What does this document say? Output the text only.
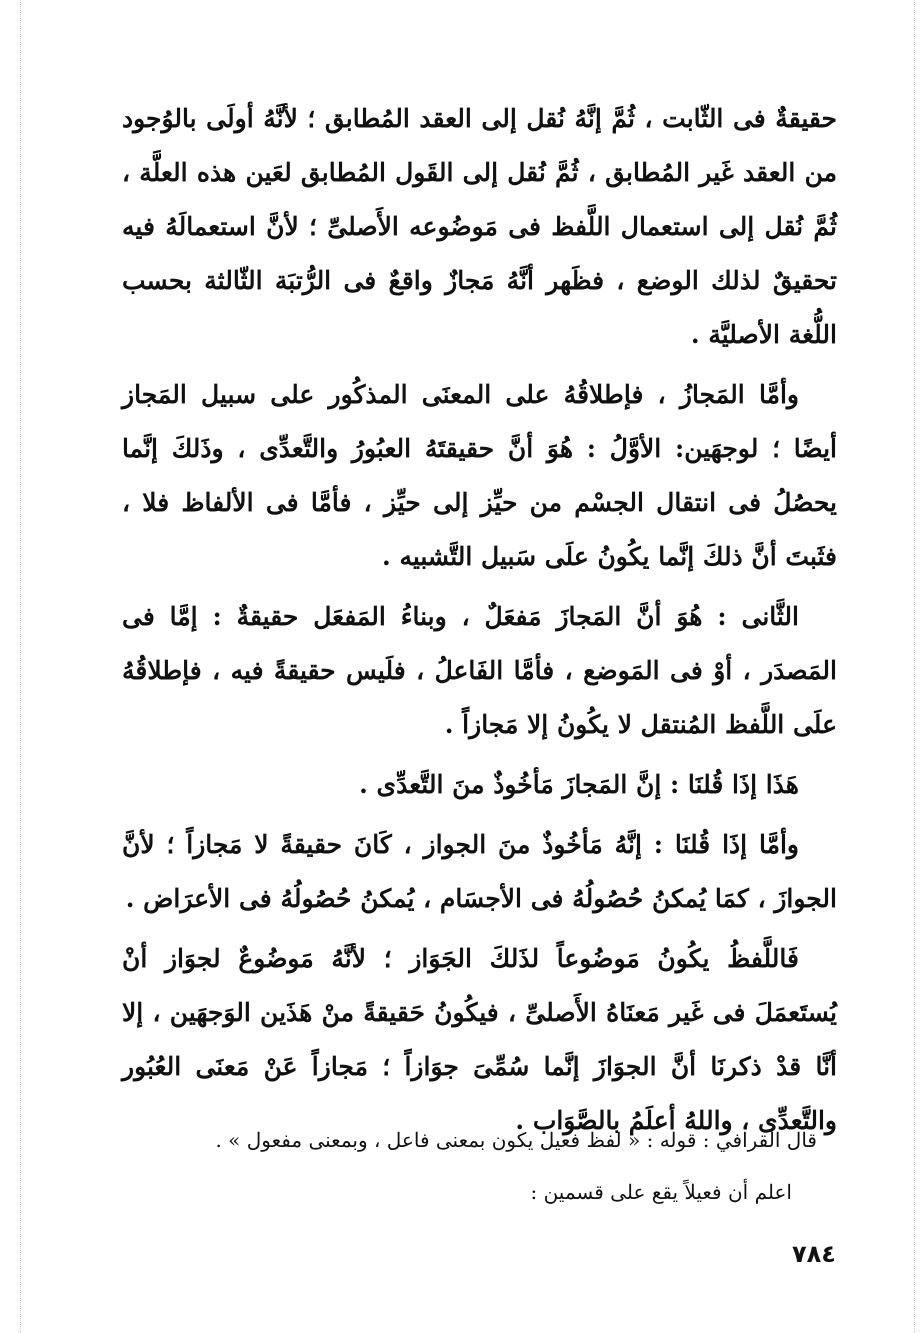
حقيقةٌ فى الثّابت ، ثُمَّ إنَّهُ نُقل إلى العقد المُطابق ؛ لأنَّهُ أولَى بالوُجود من العقد غَير المُطابق ، ثُمَّ نُقل إلى القَول المُطابق لعَين هذه العلَّة ، ثُمَّ نُقل إلى استعمال اللَّفظ فى مَوضُوعه الأَصلىِّ ؛ لأنَّ استعمالَهُ فيه تحقيقٌ لذلك الوضع ، فظَهر أنَّهُ مَجازٌ واقعٌ فى الرُّتبَة الثّالثة بحسب اللُّغة الأصليَّة .

وأمَّا المَجازُ ، فإطلاقُهُ على المعنَى المذكُور على سبيل المَجاز أيضًا ؛ لوجهَين: الأوَّلُ : هُوَ أنَّ حقيقتَهُ العبُورُ والتَّعدِّى ، وذَلكَ إنَّما يحصُلُ فى انتقال الجسْم من حيِّز إلى حيِّز ، فأمَّا فى الألفاظ فلا ، فثَبتَ أنَّ ذلكَ إنَّما يكُونُ علَى سَبيل التَّشبيه .

الثَّانى : هُوَ أنَّ المَجازَ مَفعَلٌ ، وبناءُ المَفعَل حقيقةٌ : إمَّا فى المَصدَر ، أوْ فى المَوضع ، فأمَّا الفَاعلُ ، فلَيس حقيقةً فيه ، فإطلاقُهُ علَى اللَّفظ المُنتقل لا يكُونُ إلا مَجازاً .

هَذَا إذَا قُلنَا : إنَّ المَجازَ مَأخُوذٌ منَ التَّعدِّى .

وأمَّا إذَا قُلنَا : إنَّهُ مَأخُوذٌ منَ الجواز ، كَانَ حقيقةً لا مَجازاً ؛ لأنَّ الجوازَ ، كمَا يُمكنُ حُصُولُهُ فى الأجسَام ، يُمكنُ حُصُولُهُ فى الأعرَاض .

فَاللَّفظُ يكُونُ مَوضُوعاً لذَلكَ الجَوَاز ؛ لأنَّهُ مَوضُوعٌ لجوَاز أنْ يُستَعمَلَ فى غَير مَعنَاهُ الأَصلىِّ ، فيكُونُ حَقيقةً منْ هَذَين الوَجهَين ، إلا أنَّا قدْ ذكرنَا أنَّ الجوَازَ إنَّما سُمِّىَ جوَازاً ؛ مَجازاً عَنْ مَعنَى العُبُور والتَّعدِّى ، واللهُ أعلَمُ بالصَّوَاب .

قال القرافي : قوله : « لفظ فعيل يكون بمعنى فاعل ، وبمعنى مفعول » .

اعلم أن فعيلاً يقع على قسمين :

٧٨٤
